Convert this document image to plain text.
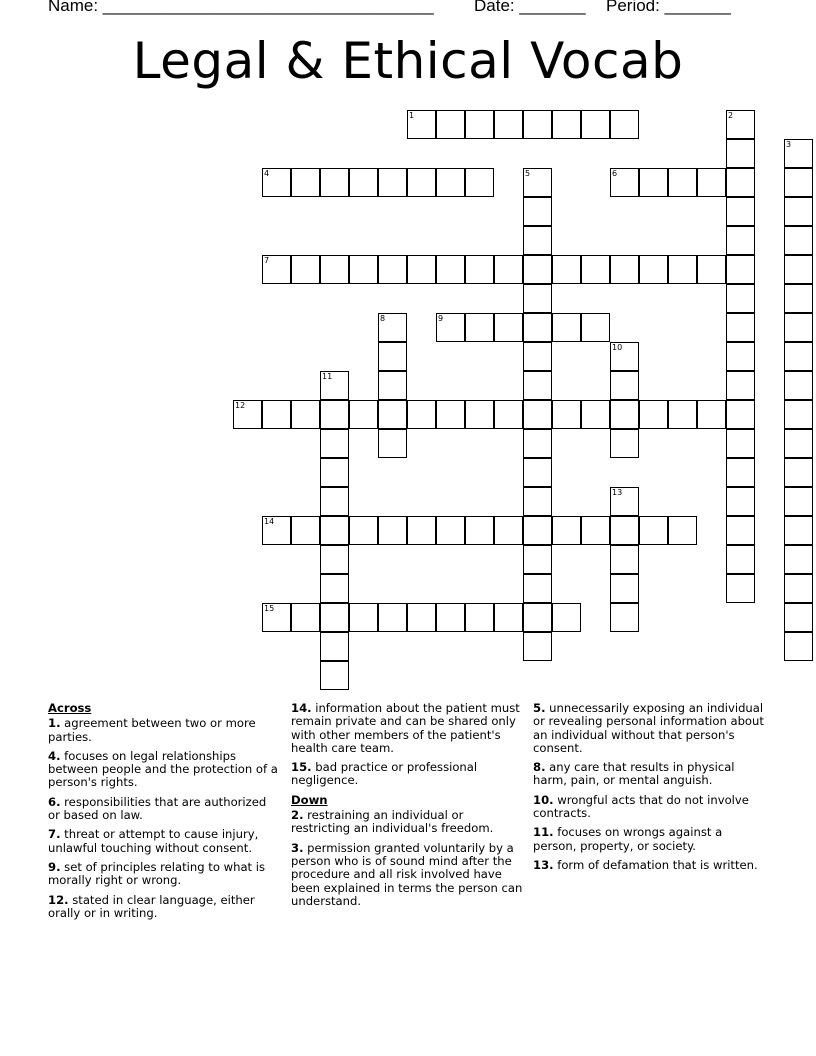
Name: ___________________________________ Date: _______ Period: _______
Legal & Ethical Vocab
1	2
3
4	5	6
7
8	9
10
11
12
13
14
15
Across
1. agreement between two or more parties.
4. focuses on legal relationships between people and the protection of a person's rights.
6. responsibilities that are authorized or based on law.
7. threat or attempt to cause injury, unlawful touching without consent.
9. set of principles relating to what is morally right or wrong.
12. stated in clear language, either orally or in writing.
14. information about the patient must remain private and can be shared only with other members of the patient's health care team.
15. bad practice or professional negligence.
Down
2. restraining an individual or restricting an individual's freedom.
3. permission granted voluntarily by a person who is of sound mind after the procedure and all risk involved have been explained in terms the person can understand.
5. unnecessarily exposing an individual or revealing personal information about an individual without that person's consent.
8. any care that results in physical harm, pain, or mental anguish.
10. wrongful acts that do not involve contracts.
11. focuses on wrongs against a person, property, or society.
13. form of defamation that is written.
